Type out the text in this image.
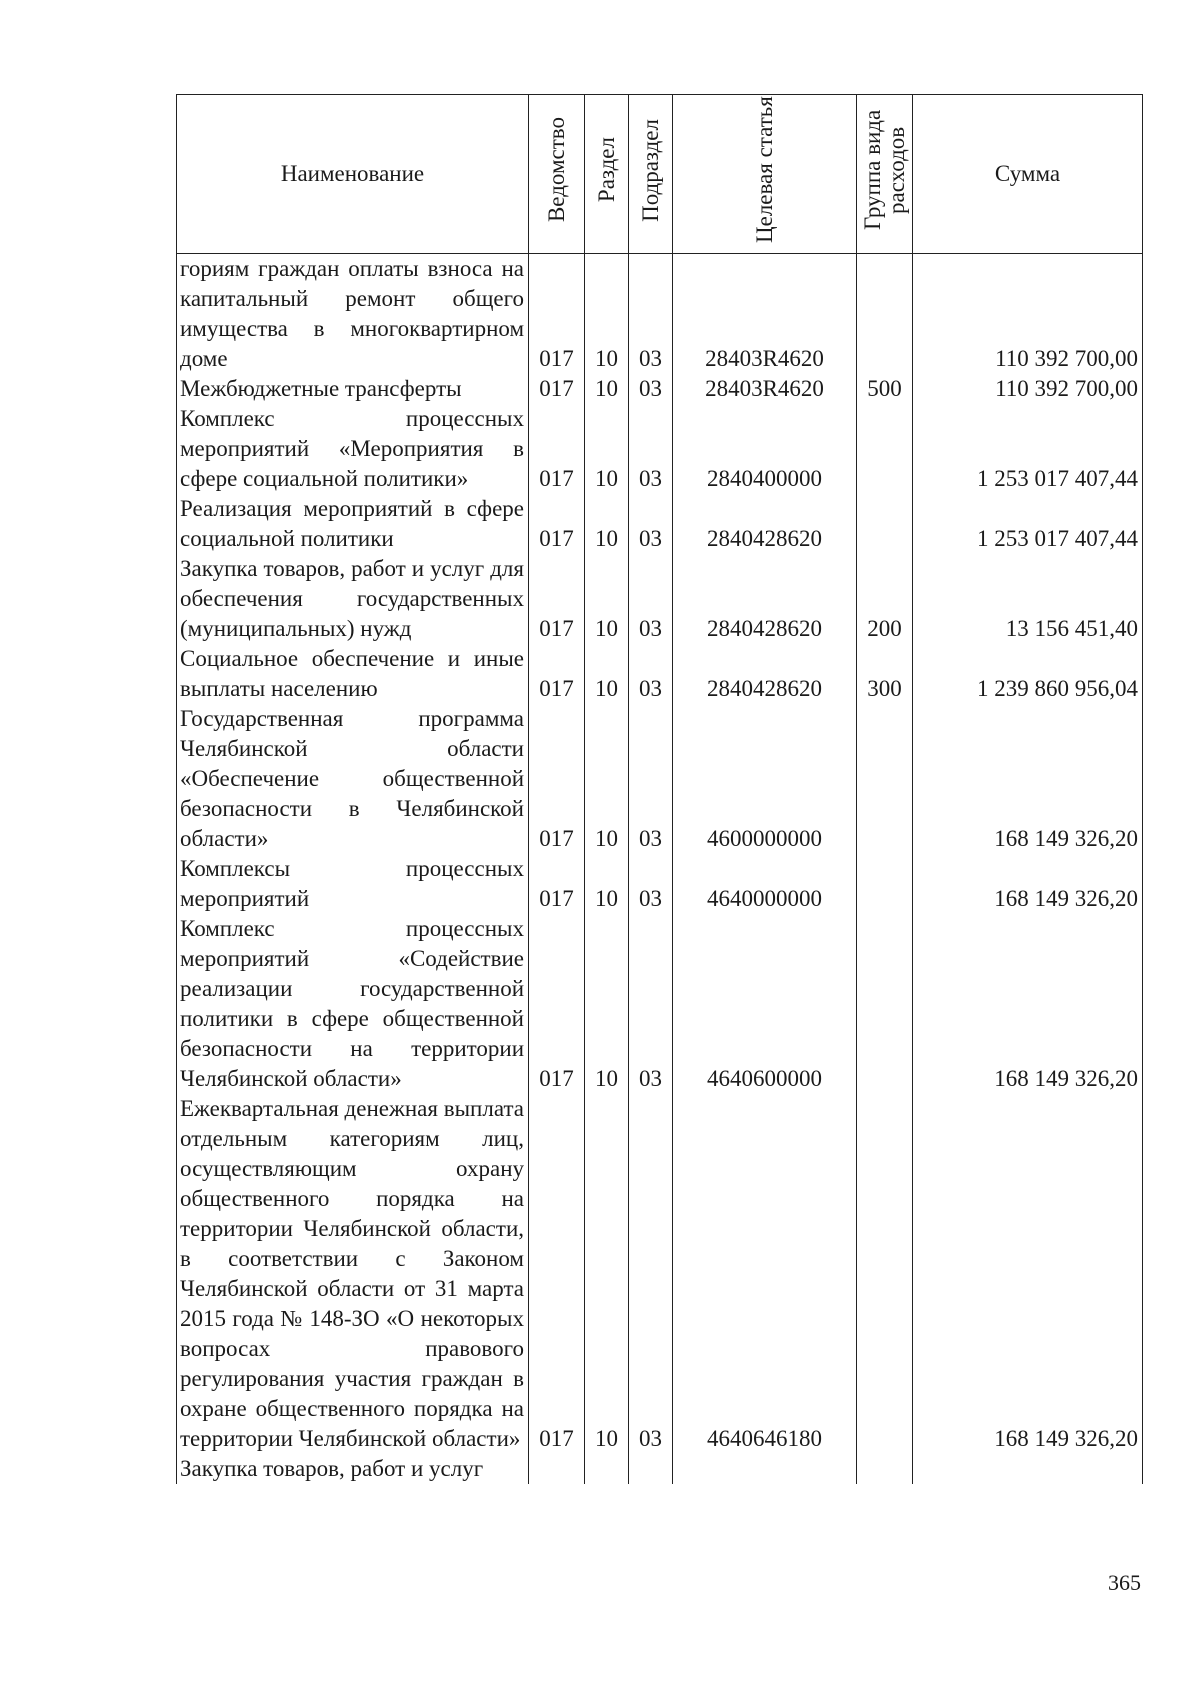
Наименование	Ведомство	Раздел	Подраздел	Целевая статья	Группа вида расходов	Сумма
гориям граждан оплаты взноса на капитальный ремонт общего имущества в многоквартирном доме	017	10	03	28403R4620		110 392 700,00
Межбюджетные трансферты	017	10	03	28403R4620	500	110 392 700,00
Комплекс процессных мероприятий «Мероприятия в сфере социальной политики»	017	10	03	2840400000		1 253 017 407,44
Реализация мероприятий в сфере социальной политики	017	10	03	2840428620		1 253 017 407,44
Закупка товаров, работ и услуг для обеспечения государственных (муниципальных) нужд	017	10	03	2840428620	200	13 156 451,40
Социальное обеспечение и иные выплаты населению	017	10	03	2840428620	300	1 239 860 956,04
Государственная программа Челябинской области «Обеспечение общественной безопасности в Челябинской области»	017	10	03	4600000000		168 149 326,20
Комплексы процессных мероприятий	017	10	03	4640000000		168 149 326,20
Комплекс процессных мероприятий «Содействие реализации государственной политики в сфере общественной безопасности на территории Челябинской области»	017	10	03	4640600000		168 149 326,20
Ежеквартальная денежная выплата отдельным категориям лиц, осуществляющим охрану общественного порядка на территории Челябинской области, в соответствии с Законом Челябинской области от 31 марта 2015 года № 148-ЗО «О некоторых вопросах правового регулирования участия граждан в охране общественного порядка на территории Челябинской области»	017	10	03	4640646180		168 149 326,20
Закупка товаров, работ и услуг						
365
